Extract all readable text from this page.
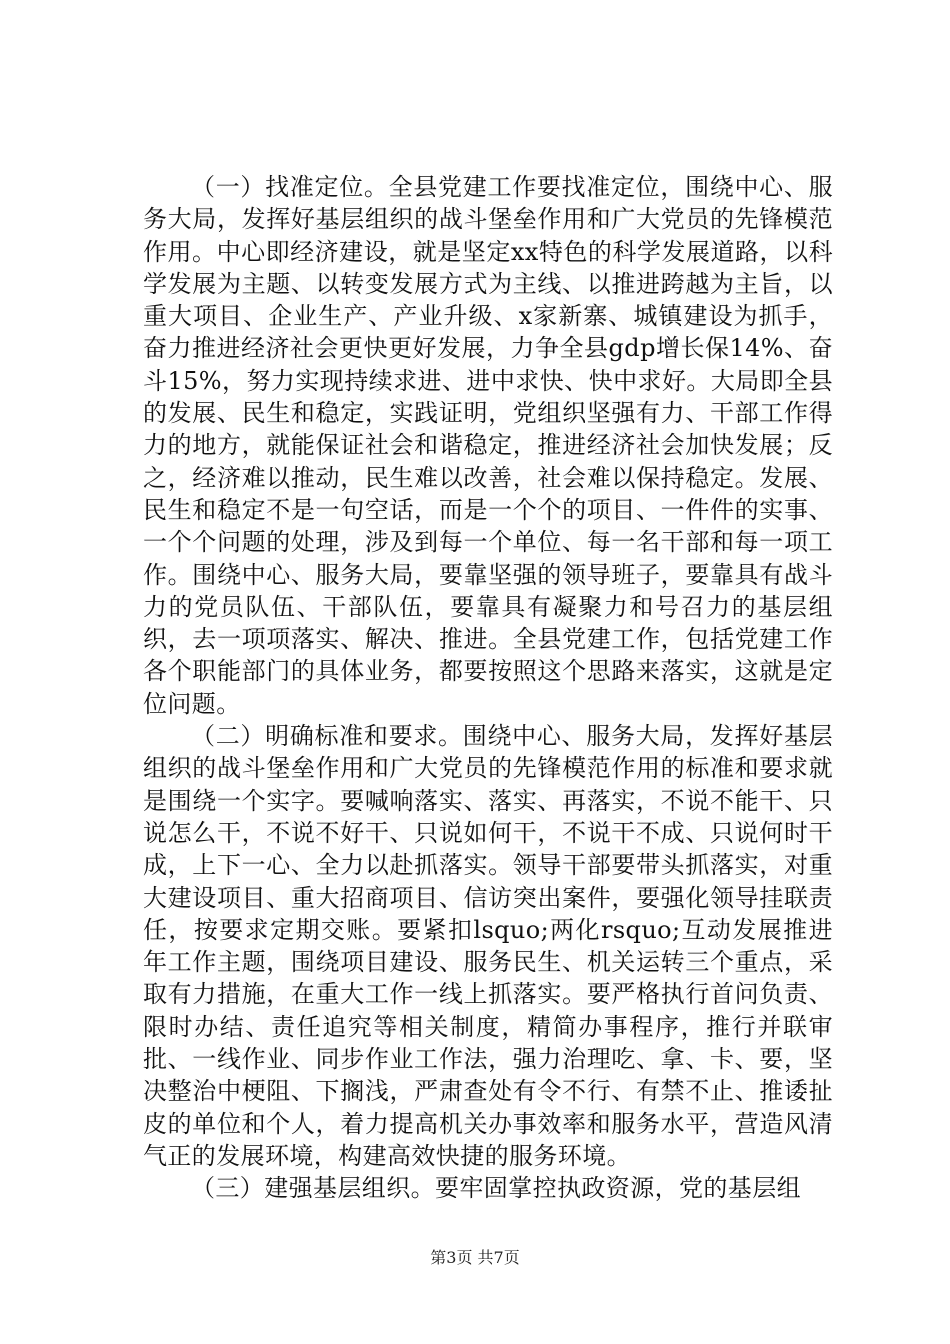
（一）找准定位。全县党建工作要找准定位，围绕中心、服务大局，发挥好基层组织的战斗堡垒作用和广大党员的先锋模范作用。中心即经济建设，就是坚定xx特色的科学发展道路，以科学发展为主题、以转变发展方式为主线、以推进跨越为主旨，以重大项目、企业生产、产业升级、x家新寨、城镇建设为抓手，奋力推进经济社会更快更好发展，力争全县gdp增长保14%、奋斗15%，努力实现持续求进、进中求快、快中求好。大局即全县的发展、民生和稳定，实践证明，党组织坚强有力、干部工作得力的地方，就能保证社会和谐稳定，推进经济社会加快发展；反之，经济难以推动，民生难以改善，社会难以保持稳定。发展、民生和稳定不是一句空话，而是一个个的项目、一件件的实事、一个个问题的处理，涉及到每一个单位、每一名干部和每一项工作。围绕中心、服务大局，要靠坚强的领导班子，要靠具有战斗力的党员队伍、干部队伍，要靠具有凝聚力和号召力的基层组织，去一项项落实、解决、推进。全县党建工作，包括党建工作各个职能部门的具体业务，都要按照这个思路来落实，这就是定位问题。

（二）明确标准和要求。围绕中心、服务大局，发挥好基层组织的战斗堡垒作用和广大党员的先锋模范作用的标准和要求就是围绕一个实字。要喊响落实、落实、再落实，不说不能干、只说怎么干，不说不好干、只说如何干，不说干不成、只说何时干成，上下一心、全力以赴抓落实。领导干部要带头抓落实，对重大建设项目、重大招商项目、信访突出案件，要强化领导挂联责任，按要求定期交账。要紧扣lsquo;两化rsquo;互动发展推进年工作主题，围绕项目建设、服务民生、机关运转三个重点，采取有力措施，在重大工作一线上抓落实。要严格执行首问负责、限时办结、责任追究等相关制度，精简办事程序，推行并联审批、一线作业、同步作业工作法，强力治理吃、拿、卡、要，坚决整治中梗阻、下搁浅，严肃查处有令不行、有禁不止、推诿扯皮的单位和个人，着力提高机关办事效率和服务水平，营造风清气正的发展环境，构建高效快捷的服务环境。

（三）建强基层组织。要牢固掌控执政资源，党的基层组

第3页 共7页
